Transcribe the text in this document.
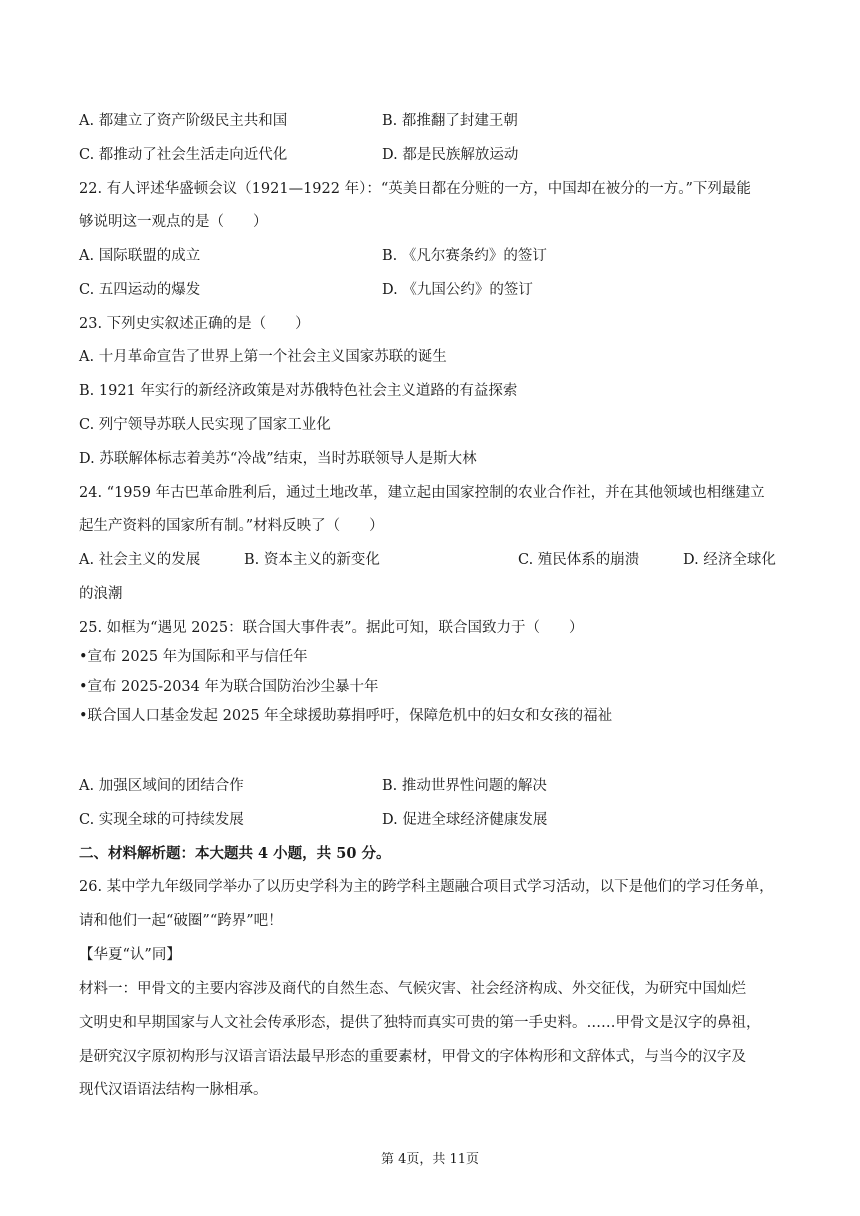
A. 都建立了资产阶级民主共和国	B. 都推翻了封建王朝
C. 都推动了社会生活走向近代化	D. 都是民族解放运动
22. 有人评述华盛顿会议（1921—1922 年）：“英美日都在分赃的一方，中国却在被分的一方。”下列最能
够说明这一观点的是（　　）
A. 国际联盟的成立	B. 《凡尔赛条约》的签订
C. 五四运动的爆发	D. 《九国公约》的签订
23. 下列史实叙述正确的是（　　）
A. 十月革命宣告了世界上第一个社会主义国家苏联的诞生
B. 1921 年实行的新经济政策是对苏俄特色社会主义道路的有益探索
C. 列宁领导苏联人民实现了国家工业化
D. 苏联解体标志着美苏“冷战”结束，当时苏联领导人是斯大林
24. “1959 年古巴革命胜利后，通过土地改革，建立起由国家控制的农业合作社，并在其他领域也相继建立
起生产资料的国家所有制。”材料反映了（　　）
A. 社会主义的发展	B. 资本主义的新变化	C. 殖民体系的崩溃	D. 经济全球化
的浪潮
25. 如框为“遇见 2025：联合国大事件表”。据此可知，联合国致力于（　　）
•宣布 2025 年为国际和平与信任年
•宣布 2025-2034 年为联合国防治沙尘暴十年
•联合国人口基金发起 2025 年全球援助募捐呼吁，保障危机中的妇女和女孩的福祉
A. 加强区域间的团结合作	B. 推动世界性问题的解决
C. 实现全球的可持续发展	D. 促进全球经济健康发展
二、材料解析题：本大题共 4 小题，共 50 分。
26. 某中学九年级同学举办了以历史学科为主的跨学科主题融合项目式学习活动，以下是他们的学习任务单，
请和他们一起“破圈”“跨界”吧！
【华夏“认”同】
材料一：甲骨文的主要内容涉及商代的自然生态、气候灾害、社会经济构成、外交征伐，为研究中国灿烂
文明史和早期国家与人文社会传承形态，提供了独特而真实可贵的第一手史料。……甲骨文是汉字的鼻祖，
是研究汉字原初构形与汉语言语法最早形态的重要素材，甲骨文的字体构形和文辞体式，与当今的汉字及
现代汉语语法结构一脉相承。
第 4页，共 11页
